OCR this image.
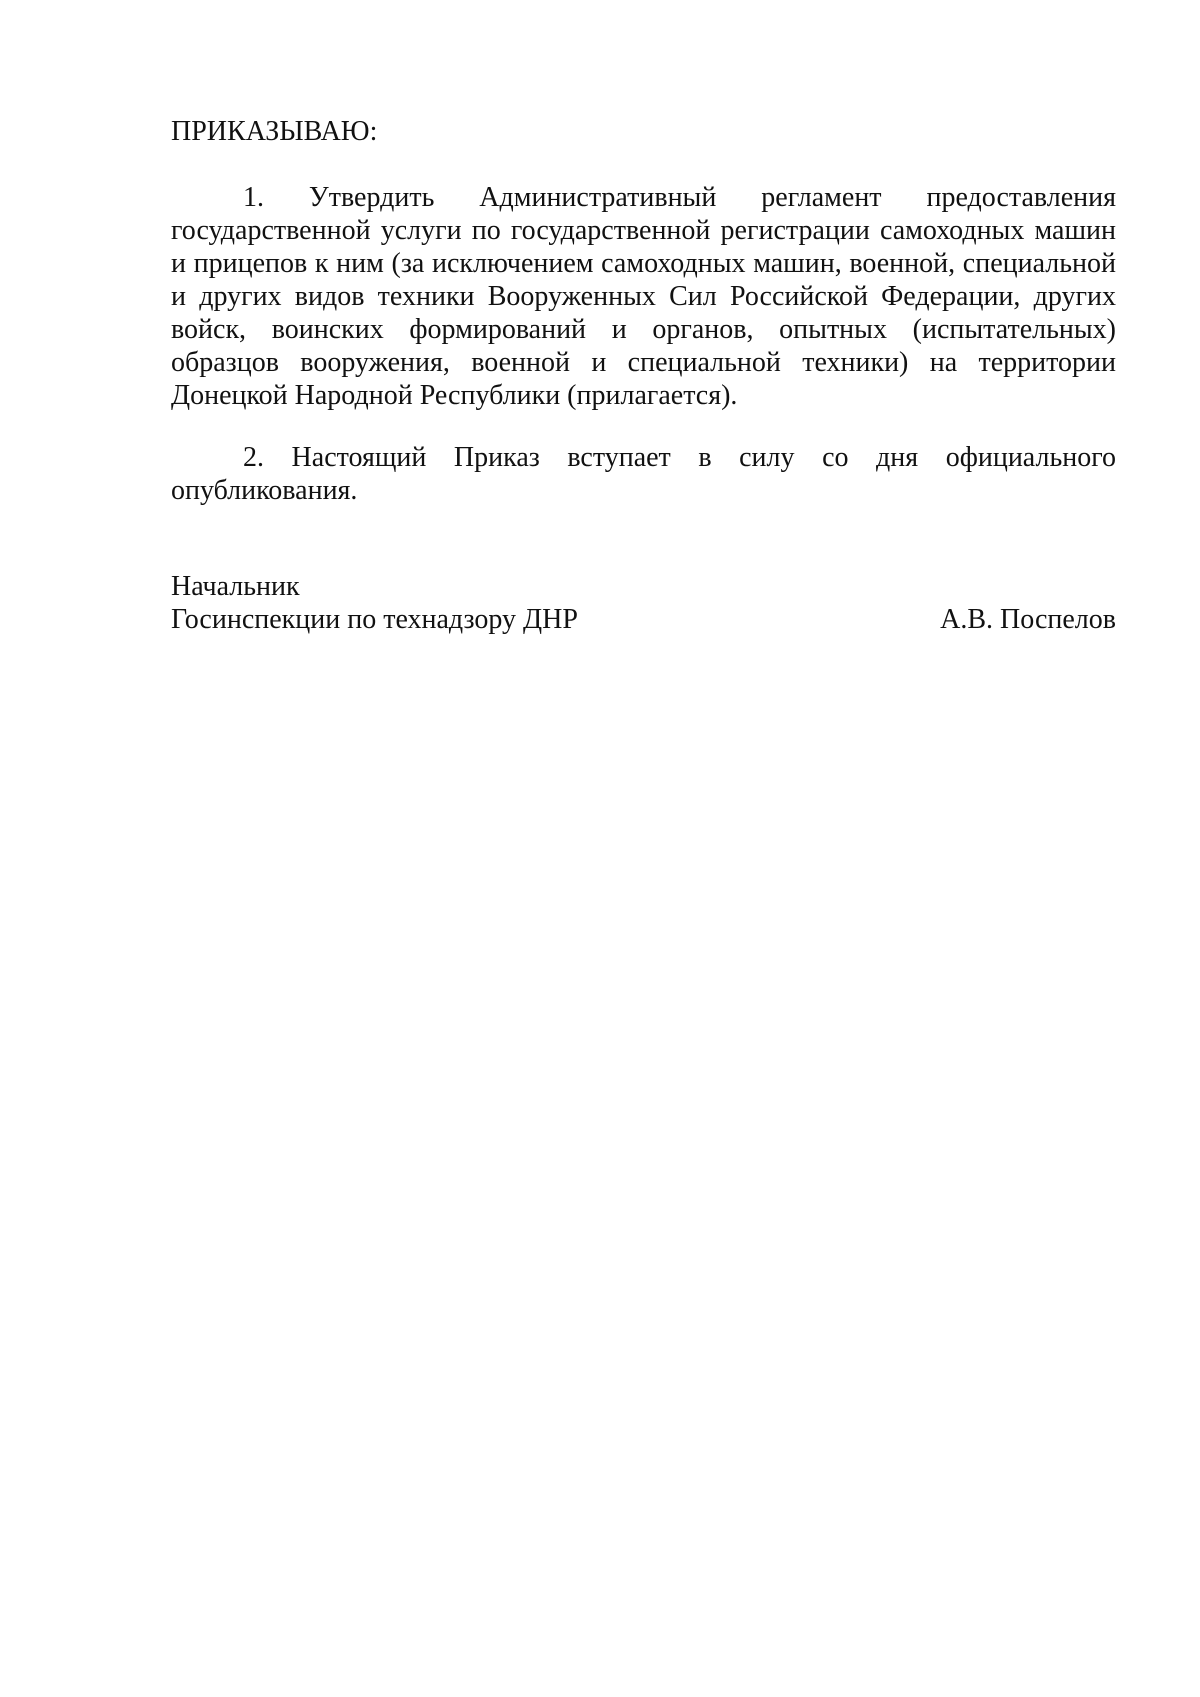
ПРИКАЗЫВАЮ:

1. Утвердить Административный регламент предоставления государственной услуги по государственной регистрации самоходных машин и прицепов к ним (за исключением самоходных машин, военной, специальной и других видов техники Вооруженных Сил Российской Федерации, других войск, воинских формирований и органов, опытных (испытательных) образцов вооружения, военной и специальной техники) на территории Донецкой Народной Республики (прилагается).

2. Настоящий Приказ вступает в силу со дня официального опубликования.

Начальник
Госинспекции по технадзору ДНР	А.В. Поспелов
